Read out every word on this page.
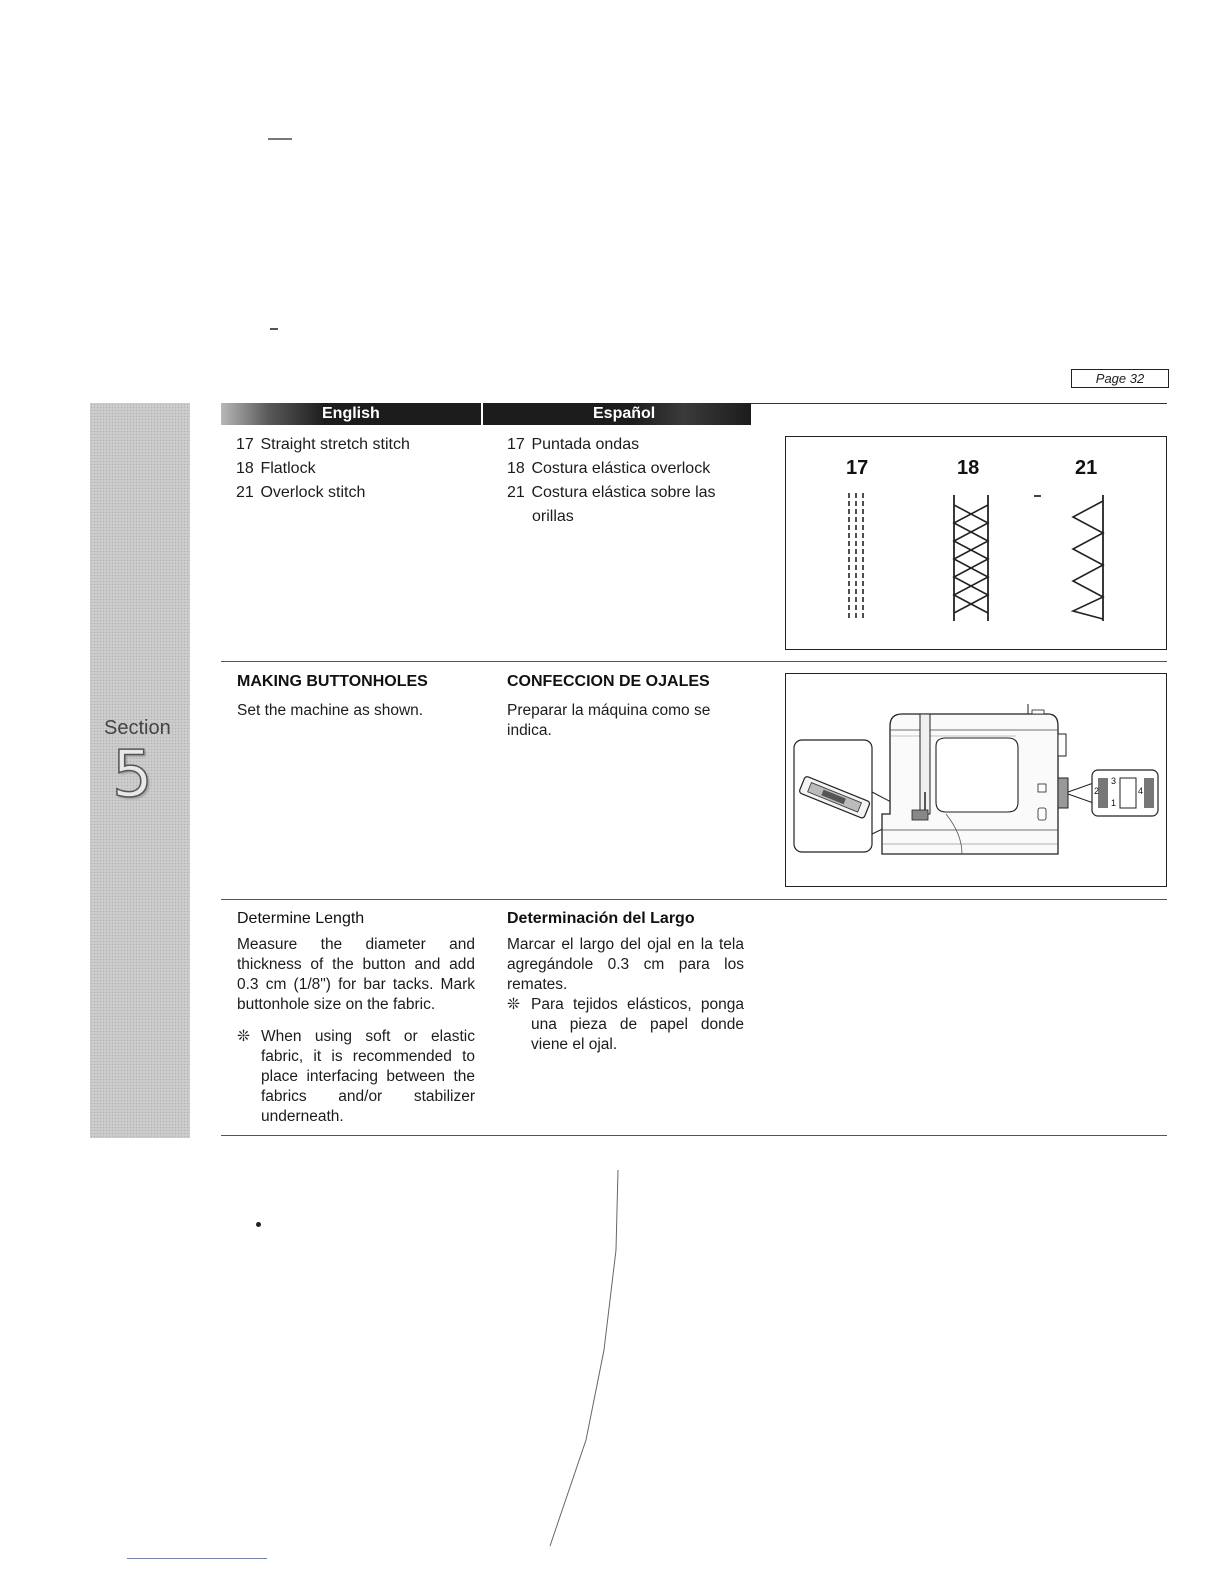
Page 32
English	Español
Section
5
17 Straight stretch stitch
18 Flatlock
21 Overlock stitch
17 Puntada ondas
18 Costura elástica overlock
21 Costura elástica sobre las
orillas
17	18	21
MAKING BUTTONHOLES
Set the machine as shown.
CONFECCION DE OJALES
Preparar la máquina como se indica.
3
4
2
1
Determine Length
Measure the diameter and thickness of the button and add 0.3 cm (1/8") for bar tacks. Mark buttonhole size on the fabric.
❊ When using soft or elastic fabric, it is recommended to place interfacing between the fabrics and/or stabilizer underneath.
Determinación del Largo
Marcar el largo del ojal en la tela agregándole 0.3 cm para los remates.
❊ Para tejidos elásticos, ponga una pieza de papel donde viene el ojal.
